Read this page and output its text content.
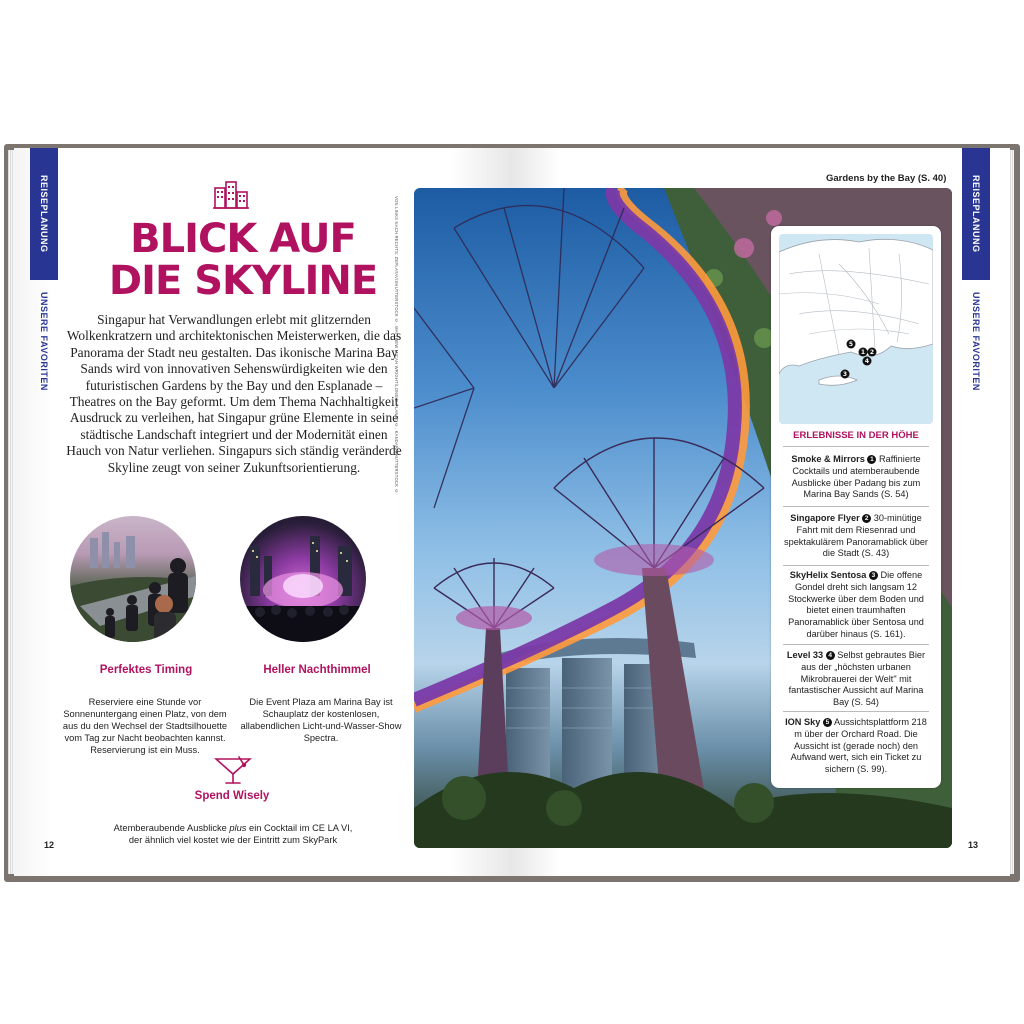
REISEPLANUNG
UNSERE FAVORITEN
BLICK AUF
DIE SKYLINE
Singapur hat Verwandlungen erlebt mit glitzernden Wolkenkratzern und architektonischen Meisterwerken, die das Panorama der Stadt neu gestalten. Das ikonische Marina Bay Sands wird von innovativen Sehenswürdigkeiten wie den futuristischen Gardens by the Bay und den Esplanade – Theatres on the Bay geformt. Um dem Thema Nachhaltigkeit Ausdruck zu verleihen, hat Singapur grüne Elemente in seine städtische Landschaft integriert und der Modernität einen Hauch von Natur verliehen. Singapurs sich ständig veränderde Skyline zeugt von seiner Zukunftsorientierung.
Perfektes Timing
Reserviere eine Stunde vor Sonnenuntergang einen Platz, von dem aus du den Wechsel der Stadtsilhouette vom Tag zur Nacht beobachten kannst. Reservierung ist ein Muss.
Heller Nachthimmel
Die Event Plaza am Marina Bay ist Schauplatz der kostenlosen, allabendlichen Licht-und-Wasser-Show Spectra.
Spend Wisely
Atemberaubende Ausblicke plus ein Cocktail im CE LA VI, der ähnlich viel kostet wie der Eintritt zum SkyPark
12
VON LINKS NACH RECHTS: ZEPLAYAV/SHUTTERSTOCK ©, MATTHEW MICAH WRIGHT/LONELY PLANET ©, KANDAR/SHUTTERSTOCK ©
Gardens by the Bay (S. 40)
5
1 2
4
3
ERLEBNISSE IN DER HÖHE
Smoke & Mirrors 1 Raffinierte Cocktails und atemberaubende Ausblicke über Padang bis zum Marina Bay Sands (S. 54)
Singapore Flyer 2 30-minütige Fahrt mit dem Riesenrad und spektakulärem Panoramablick über die Stadt (S. 43)
SkyHelix Sentosa 3 Die offene Gondel dreht sich langsam 12 Stockwerke über dem Boden und bietet einen traumhaften Panoramablick über Sentosa und darüber hinaus (S. 161).
Level 33 4 Selbst gebrautes Bier aus der „höchsten urbanen Mikrobrauerei der Welt" mit fantastischer Aussicht auf Marina Bay (S. 54)
ION Sky 5 Aussichtsplattform 218 m über der Orchard Road. Die Aussicht ist (gerade noch) den Aufwand wert, sich ein Ticket zu sichern (S. 99).
REISEPLANUNG
UNSERE FAVORITEN
13
